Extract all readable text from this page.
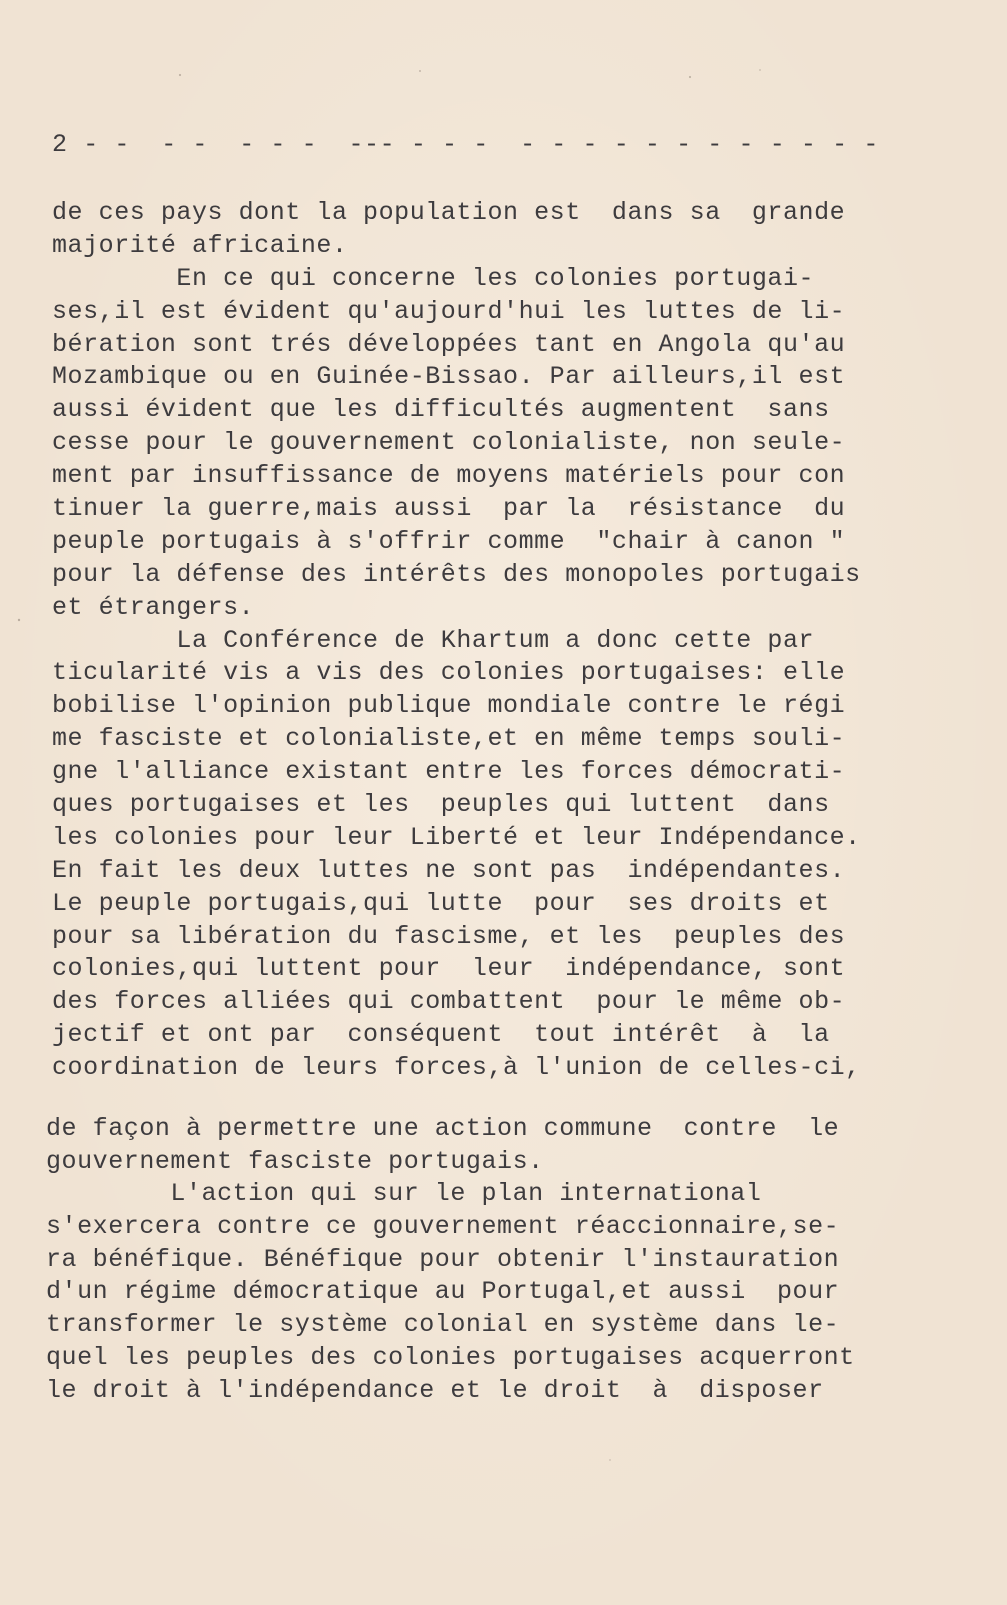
2 - -  - -  - - -  --- - - -  - - - - - - - - - - - -
de ces pays dont la population est  dans sa  grande
majorité africaine.
En ce qui concerne les colonies portugai-
ses,il est évident qu'aujourd'hui les luttes de li-
bération sont trés développées tant en Angola qu'au
Mozambique ou en Guinée-Bissao. Par ailleurs,il est
aussi évident que les difficultés augmentent  sans
cesse pour le gouvernement colonialiste, non seule-
ment par insuffissance de moyens matériels pour con
tinuer la guerre,mais aussi  par la  résistance  du
peuple portugais à s'offrir comme  "chair à canon "
pour la défense des intérêts des monopoles portugais
et étrangers.
La Conférence de Khartum a donc cette par
ticularité vis a vis des colonies portugaises: elle
bobilise l'opinion publique mondiale contre le régi
me fasciste et colonialiste,et en même temps souli-
gne l'alliance existant entre les forces démocrati-
ques portugaises et les  peuples qui luttent  dans
les colonies pour leur Liberté et leur Indépendance.
En fait les deux luttes ne sont pas  indépendantes.
Le peuple portugais,qui lutte  pour  ses droits et
pour sa libération du fascisme, et les  peuples des
colonies,qui luttent pour  leur  indépendance, sont
des forces alliées qui combattent  pour le même ob-
jectif et ont par  conséquent  tout intérêt  à  la
coordination de leurs forces,à l'union de celles-ci,
de façon à permettre une action commune  contre  le
gouvernement fasciste portugais.
L'action qui sur le plan international
s'exercera contre ce gouvernement réaccionnaire,se-
ra bénéfique. Bénéfique pour obtenir l'instauration
d'un régime démocratique au Portugal,et aussi  pour
transformer le système colonial en système dans le-
quel les peuples des colonies portugaises acquerront
le droit à l'indépendance et le droit  à  disposer
